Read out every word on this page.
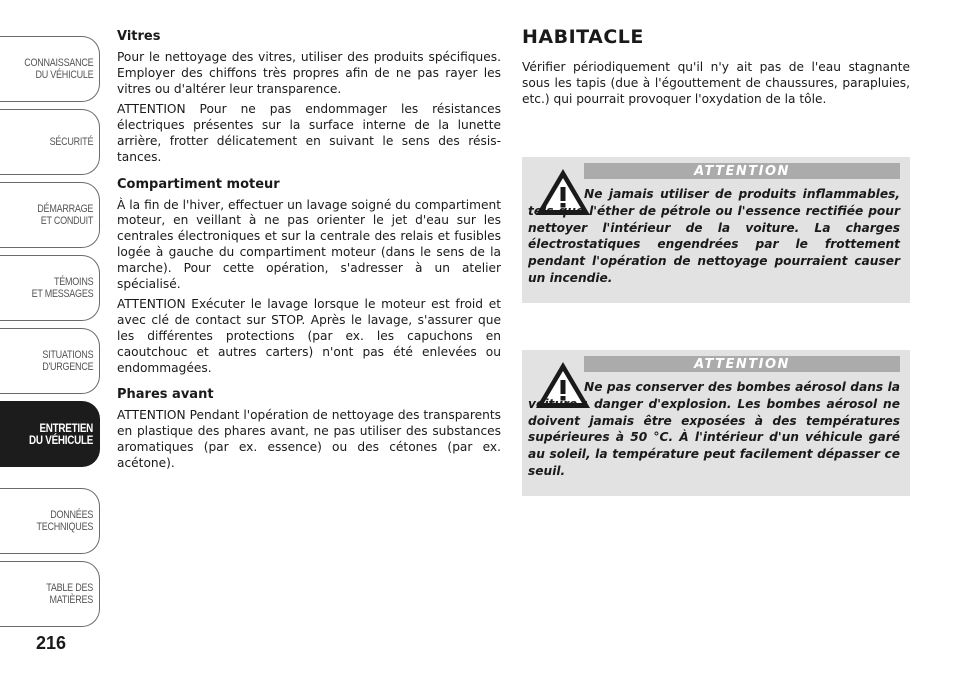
CONNAISSANCE
DU VÉHICULE
SÉCURITÉ
DÉMARRAGE
ET CONDUIT
TÉMOINS
ET MESSAGES
SITUATIONS
D'URGENCE
ENTRETIEN
DU VÉHICULE
DONNÉES
TECHNIQUES
TABLE DES
MATIÈRES
216
Vitres

Pour le nettoyage des vitres, utiliser des produits spécifiques. Employer des chiffons très propres afin de ne pas rayer les vitres ou d'altérer leur transparence.

ATTENTION Pour ne pas endommager les résistances électriques présentes sur la surface interne de la lunette arrière, frotter délicatement en suivant le sens des résistances.

Compartiment moteur

À la fin de l'hiver, effectuer un lavage soigné du compartiment moteur, en veillant à ne pas orienter le jet d'eau sur les centrales électroniques et sur la centrale des relais et fusibles logée à gauche du compartiment moteur (dans le sens de la marche). Pour cette opération, s'adresser à un atelier spécialisé.

ATTENTION Exécuter le lavage lorsque le moteur est froid et avec clé de contact sur STOP. Après le lavage, s'assurer que les différentes protections (par ex. les capuchons en caoutchouc et autres carters) n'ont pas été enlevées ou endommagées.

Phares avant

ATTENTION Pendant l'opération de nettoyage des transparents en plastique des phares avant, ne pas utiliser des substances aromatiques (par ex. essence) ou des cétones (par ex. acétone).

HABITACLE

Vérifier périodiquement qu'il n'y ait pas de l'eau stagnante sous les tapis (due à l'égouttement de chaussures, parapluies, etc.) qui pourrait provoquer l'oxydation de la tôle.

ATTENTION
Ne jamais utiliser de produits inflammables, tels que l'éther de pétrole ou l'essence rectifiée pour nettoyer l'intérieur de la voiture. La charges électrostatiques engendrées par le frottement pendant l'opération de nettoyage pourraient causer un incendie.
ATTENTION
Ne pas conserver des bombes aérosol dans la voiture : danger d'explosion. Les bombes aérosol ne doivent jamais être exposées à des températures supérieures à 50 °C. À l'intérieur d'un véhicule garé au soleil, la température peut facilement dépasser ce seuil.
